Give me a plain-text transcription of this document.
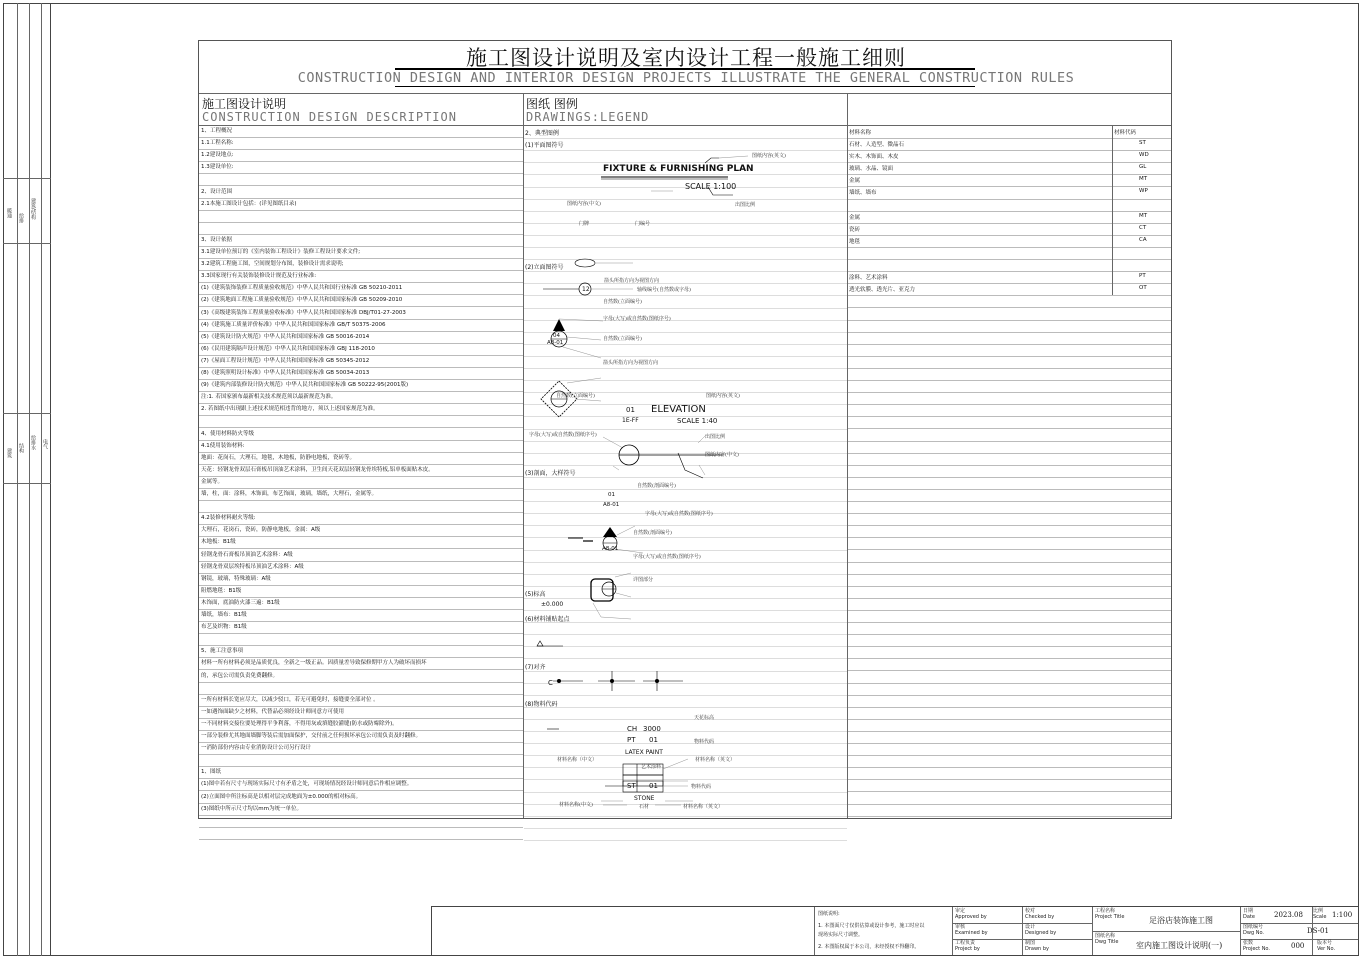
暖通 给排 建筑/结构
建筑 结构 给排水 电气
施工图设计说明及室内设计工程一般施工细则
CONSTRUCTION DESIGN AND INTERIOR DESIGN PROJECTS ILLUSTRATE THE GENERAL CONSTRUCTION RULES
施工图设计说明
CONSTRUCTION DESIGN DESCRIPTION
图纸 图例
DRAWINGS:LEGEND
1、工程概况
1.1工程名称:
1.2建设地点:
1.3建设单位:
2、设计范围
2.1本施工图设计包括：(详见图纸目录)
3、设计依据
3.1建设单位预订的《室内装饰工程设计》装修工程设计要求文件;
3.2建筑工程施工图，空间规划分布图，装修设计需求说明;
3.3国家现行有关装饰装修设计规范及行业标准:
(1)《建筑装饰装修工程质量验收规范》中华人民共和国行业标准 GB 50210-2011
(2)《建筑地面工程施工质量验收规范》中华人民共和国国家标准 GB 50209-2010
(3)《高级建筑装饰工程质量验收标准》中华人民共和国国家标准 DBJ/T01-27-2003
(4)《建筑施工质量评价标准》中华人民共和国国家标准 GB/T 50375-2006
(5)《建筑设计防火规范》中华人民共和国国家标准 GB 50016-2014
(6)《民用建筑隔声设计规范》中华人民共和国国家标准 GBJ 118-2010
(7)《屋面工程设计规范》中华人民共和国国家标准 GB 50345-2012
(8)《建筑照明设计标准》中华人民共和国国家标准 GB 50034-2013
(9)《建筑内部装修设计防火规范》中华人民共和国国家标准 GB 50222-95(2001版)
注:1. 若国家颁布最新相关技术规范须以最新规范为准。
2. 若图纸中出现跟上述技术规范相违背的地方，须以上述国家规范为准。
4、使用材料防火等级
4.1使用装饰材料:
地面：花岗石，大理石，地毯，木地板，防静电地板，瓷砖等。
天花：轻钢龙骨双层石膏板吊顶油艺术涂料，卫生间天花双层轻钢龙骨埃特板,铝单板面贴木皮。
金属等。
墙，柱，面：涂料，木饰面，布艺饰面，玻璃，墙纸，大理石，金属等。
4.2装修材料耐火等级:
大理石，花岗石，瓷砖，防静电地板，金属：A级
木地板：B1级
轻钢龙骨石膏板吊顶油艺术涂料：A级
轻钢龙骨双层埃特板吊顶油艺术涂料：A级
钢镜，玻璃，特殊玻璃：A级
阻燃地毯：B1级
木饰面，底油防火漆三遍：B1级
墙纸，墙布：B1级
布艺及织物：B1级
5、施工注意事项
材料一所有材料必须是品质优良，全新之一级正品。因质量差导致保修期甲方人为破坏而损坏
的，承包公司需负责免费翻修。
一所有材料长宽应尽大，以减少驳口，若无可避免时，接缝要全部对位 。
一如遇饰面缺少之材料，代替品必须经设计师同意方可使用
一不同材料交接位要处理得平争利落，不得用灰或填缝胶灌缝(防水或防霉除外)。
一部分装修尤其地面墙脚等装后需加面保护，交付前之任何损坏承包公司需负责及时翻修。
一消防部份内容由专业消防设计公司另行设计
1、图纸
(1)图中若有尺寸与现场实际尺寸有矛盾之处，可现场情况经设计师同意后作相应调整。
(2)立面图中所注标高是以相对层完成地面为±0.000的相对标高。
(3)图纸中所示尺寸均以mm为统一单位。
石材、人造型、微晶石	ST
实木、木饰面、木皮	WD
玻璃、水晶、镜面	GL
金属	MT
墙纸、墙布	WP
金属	MT
瓷砖	CT
地毯	CA
涂料、艺术涂料	PT
透光软膜、透光片、亚克力	OT
2、典型图例
(1)平面图符号
(2)立面图符号
(3)剖面，大样符号
(5)标高
(6)材料铺贴起点
(7)对齐
(8)物料代码
FIXTURE & FURNISHING PLAN
SCALE 1:100
图纸内容(英文)
图纸内容(中文)	出图比例
门牌	门编号
12	轴线编号(自然数或字母)
箭头所指方向为视图方向
04
A8-01
自然数(立面编号)
字母(大写)或自然数(图纸序号)
自然数(立面编号)
箭头所指方向为视图方向
01 ELEVATION
1E-FF	SCALE 1:40
自然数(立面编号)	图纸内容(英文)
字母(大写)或自然数(图纸序号)	出图比例
图纸内容(中文)
01
A8-01
自然数(剖面编号)
字母(大写)或自然数(图纸序号)
A8-01
自然数(剖面编号)
字母(大写)或自然数(图纸序号)
详图部分
±0.000
C
CH 3000
PT 01
天花标高
物料代码
LATEX PAINT
艺术涂料
材料名称（中文）	材料名称（英文）
ST 01	物料代码
STONE
石材
材料名称(中文)	材料名称（英文）
材料名称	材料代码
图纸说明:
1. 本图面尺寸仅供估算或设计参考，施工时应以
现场实际尺寸调整。
2. 本图版权属于本公司，未经授权不得翻印。
审定
Approved by
审核
Examined by
工程负责
Project by
校对
Checked by
设计
Designed by
制图
Drawn by
工程名称
Project Title	足浴店装饰施工图
图纸名称
Dwg Title 室内施工图设计说明(一)
日期
Date	2023.08 比例
Scale 1:100
图纸编号
Dwg No.	DS-01
张数
Project No.	000	版本号
Ver No.
